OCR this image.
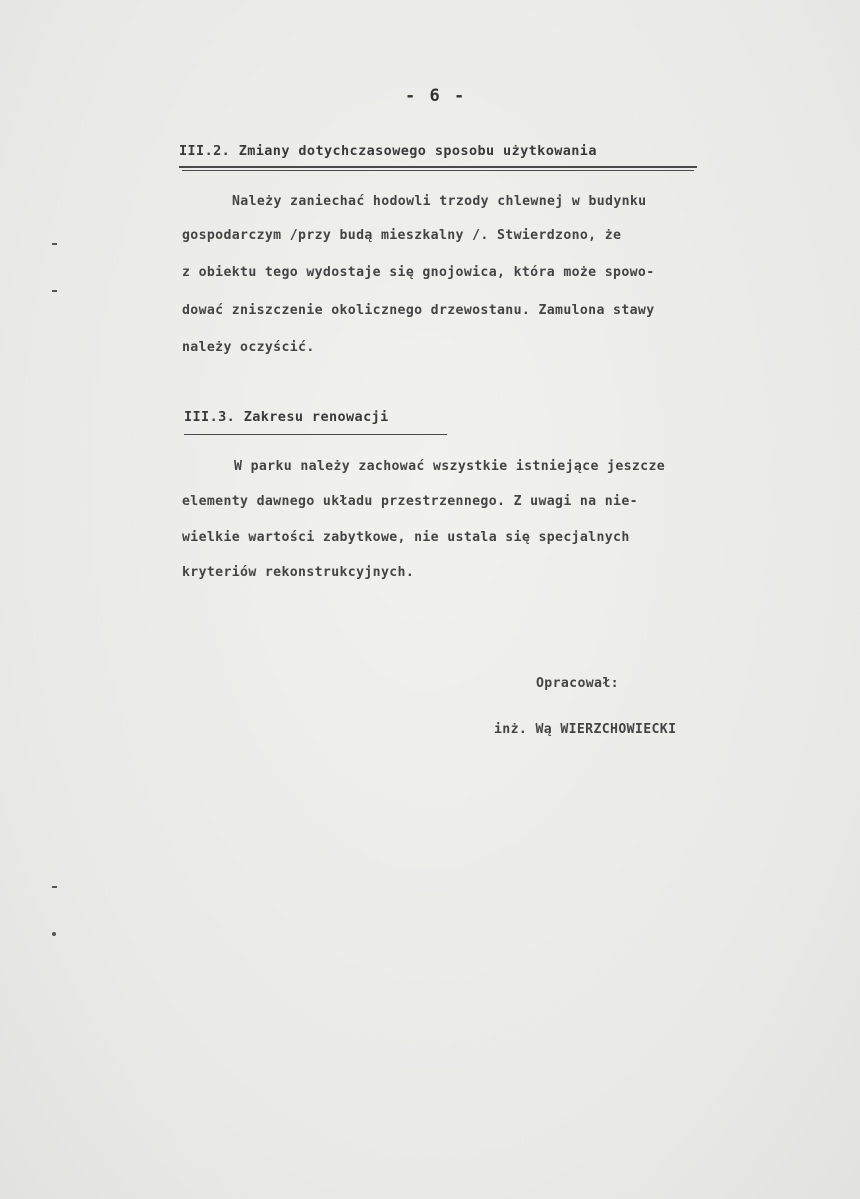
- 6 -
III.2. Zmiany dotychczasowego sposobu użytkowania
Należy zaniechać hodowli trzody chlewnej w budynku
gospodarczym /przy budą mieszkalny /. Stwierdzono, że
z obiektu tego wydostaje się gnojowica, która może spowo-
dować zniszczenie okolicznego drzewostanu. Zamulona stawy
należy oczyścić.
III.3. Zakresu renowacji
W parku należy zachować wszystkie istniejące jeszcze
elementy dawnego układu przestrzennego. Z uwagi na nie-
wielkie wartości zabytkowe, nie ustala się specjalnych
kryteriów rekonstrukcyjnych.
Opracował:
inż. Wą WIERZCHOWIECKI
